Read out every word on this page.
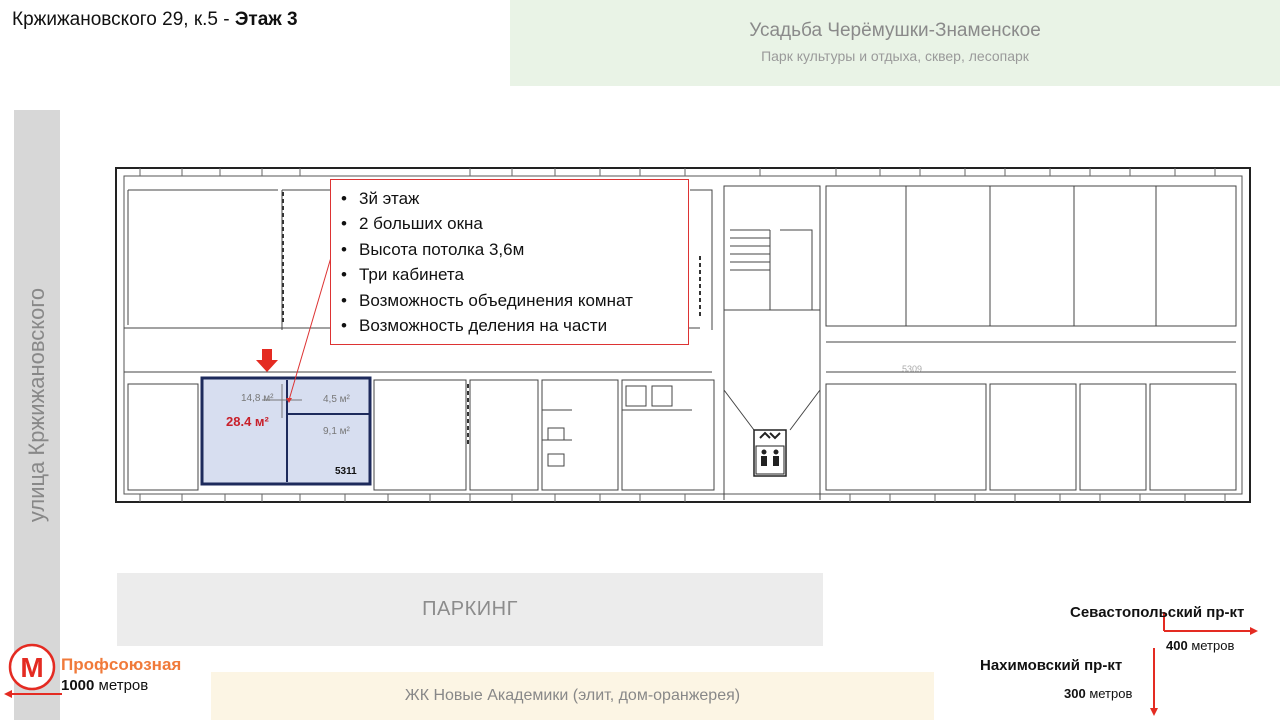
Кржижановского 29, к.5 - Этаж 3
Усадьба Черёмушки-Знаменское
Парк культуры и отдыха, сквер, лесопарк
улица Кржижановского
ПАРКИНГ
ЖК Новые Академики (элит, дом-оранжерея)
M
28.4 м²
14,8 м²	4,5 м²
9,1 м²
5311
5309
• 3й этаж
• 2 больших окна
• Высота потолка 3,6м
• Три кабинета
• Возможность объединения комнат
• Возможность деления на части
Профсоюзная
1000 метров
Севастопольский пр-кт
400 метров
Нахимовский пр-кт
300 метров
